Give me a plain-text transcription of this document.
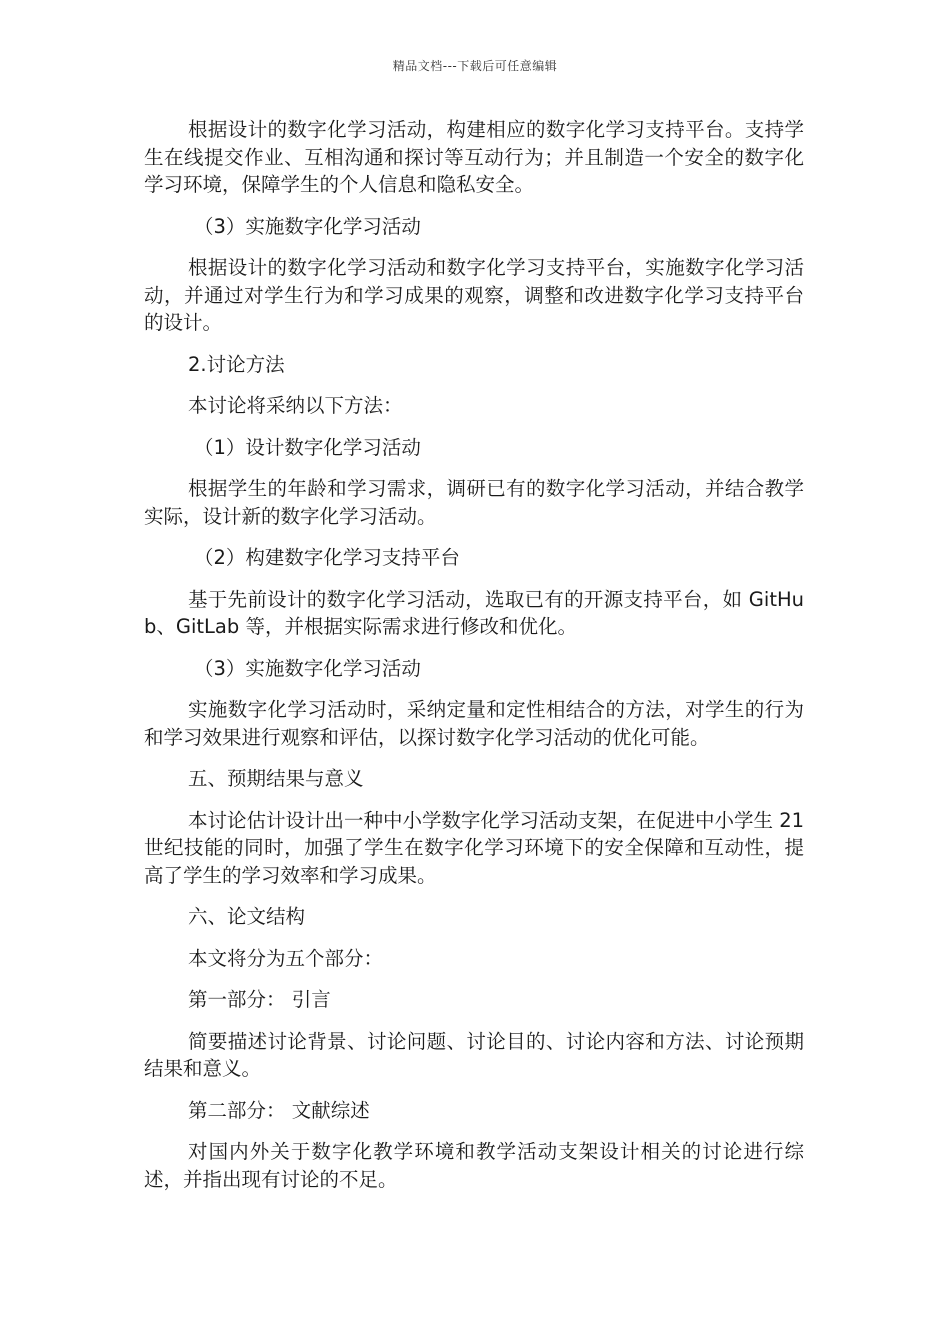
精品文档---下载后可任意编辑

根据设计的数字化学习活动，构建相应的数字化学习支持平台。支持学生在线提交作业、互相沟通和探讨等互动行为；并且制造一个安全的数字化学习环境，保障学生的个人信息和隐私安全。

（3）实施数字化学习活动

根据设计的数字化学习活动和数字化学习支持平台，实施数字化学习活动，并通过对学生行为和学习成果的观察，调整和改进数字化学习支持平台的设计。

2.讨论方法

本讨论将采纳以下方法：

（1）设计数字化学习活动

根据学生的年龄和学习需求，调研已有的数字化学习活动，并结合教学实际，设计新的数字化学习活动。

（2）构建数字化学习支持平台

基于先前设计的数字化学习活动，选取已有的开源支持平台，如 GitHub、GitLab 等，并根据实际需求进行修改和优化。

（3）实施数字化学习活动

实施数字化学习活动时，采纳定量和定性相结合的方法，对学生的行为和学习效果进行观察和评估，以探讨数字化学习活动的优化可能。

五、预期结果与意义

本讨论估计设计出一种中小学数字化学习活动支架，在促进中小学生 21 世纪技能的同时，加强了学生在数字化学习环境下的安全保障和互动性，提高了学生的学习效率和学习成果。

六、论文结构

本文将分为五个部分：

第一部分： 引言

简要描述讨论背景、讨论问题、讨论目的、讨论内容和方法、讨论预期结果和意义。

第二部分： 文献综述

对国内外关于数字化教学环境和教学活动支架设计相关的讨论进行综述，并指出现有讨论的不足。
